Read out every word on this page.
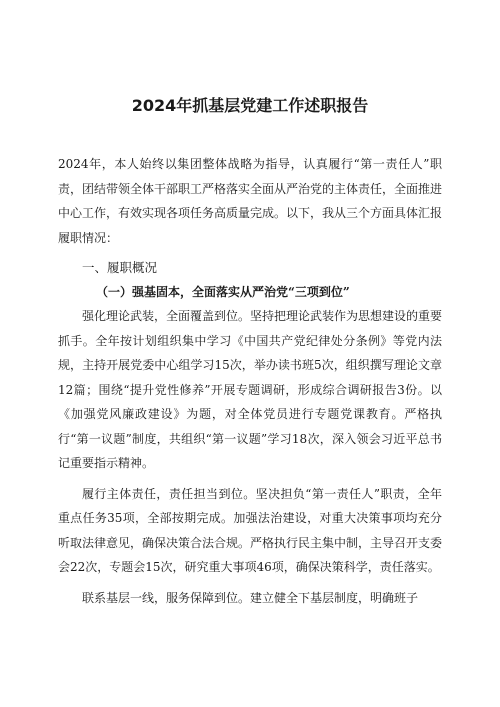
2024年抓基层党建工作述职报告

2024年，本人始终以集团整体战略为指导，认真履行“第一责任人”职责，团结带领全体干部职工严格落实全面从严治党的主体责任，全面推进中心工作，有效实现各项任务高质量完成。以下，我从三个方面具体汇报履职情况：

一、履职概况
（一）强基固本，全面落实从严治党“三项到位”

强化理论武装，全面覆盖到位。坚持把理论武装作为思想建设的重要抓手。全年按计划组织集中学习《中国共产党纪律处分条例》等党内法规，主持开展党委中心组学习15次，举办读书班5次，组织撰写理论文章12篇；围绕“提升党性修养”开展专题调研，形成综合调研报告3份。以《加强党风廉政建设》为题，对全体党员进行专题党课教育。严格执行“第一议题”制度，共组织“第一议题”学习18次，深入领会习近平总书记重要指示精神。

履行主体责任，责任担当到位。坚决担负“第一责任人”职责，全年重点任务35项，全部按期完成。加强法治建设，对重大决策事项均充分听取法律意见，确保决策合法合规。严格执行民主集中制，主导召开支委会22次，专题会15次，研究重大事项46项，确保决策科学，责任落实。

联系基层一线，服务保障到位。建立健全下基层制度，明确班子
